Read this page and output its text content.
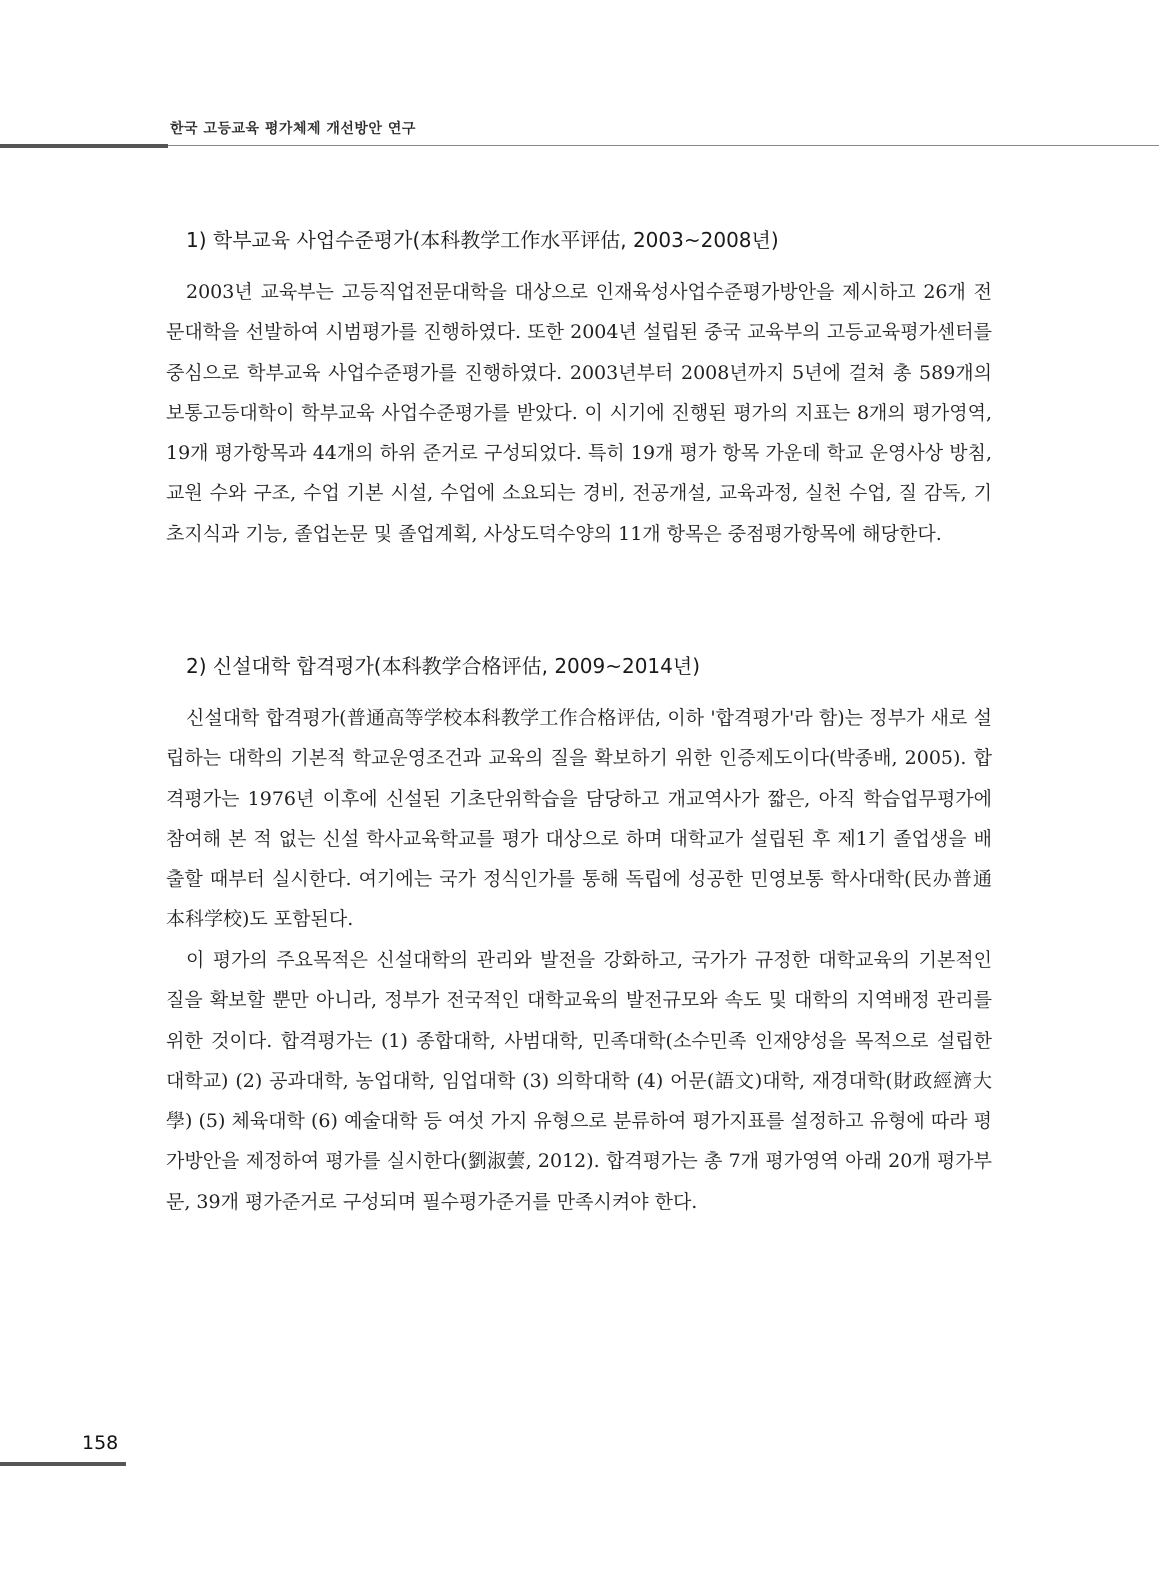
한국 고등교육 평가체제 개선방안 연구
1) 학부교육 사업수준평가(本科教学工作水平评估, 2003~2008년)

2003년 교육부는 고등직업전문대학을 대상으로 인재육성사업수준평가방안을 제시하고 26개 전문대학을 선발하여 시범평가를 진행하였다. 또한 2004년 설립된 중국 교육부의 고등교육평가센터를 중심으로 학부교육 사업수준평가를 진행하였다. 2003년부터 2008년까지 5년에 걸쳐 총 589개의 보통고등대학이 학부교육 사업수준평가를 받았다. 이 시기에 진행된 평가의 지표는 8개의 평가영역, 19개 평가항목과 44개의 하위 준거로 구성되었다. 특히 19개 평가 항목 가운데 학교 운영사상 방침, 교원 수와 구조, 수업 기본 시설, 수업에 소요되는 경비, 전공개설, 교육과정, 실천 수업, 질 감독, 기초지식과 기능, 졸업논문 및 졸업계획, 사상도덕수양의 11개 항목은 중점평가항목에 해당한다.

2) 신설대학 합격평가(本科教学合格评估, 2009~2014년)

신설대학 합격평가(普通高等学校本科教学工作合格评估, 이하 '합격평가'라 함)는 정부가 새로 설립하는 대학의 기본적 학교운영조건과 교육의 질을 확보하기 위한 인증제도이다(박종배, 2005). 합격평가는 1976년 이후에 신설된 기초단위학습을 담당하고 개교역사가 짧은, 아직 학습업무평가에 참여해 본 적 없는 신설 학사교육학교를 평가 대상으로 하며 대학교가 설립된 후 제1기 졸업생을 배출할 때부터 실시한다. 여기에는 국가 정식인가를 통해 독립에 성공한 민영보통 학사대학(民办普通本科学校)도 포함된다.

이 평가의 주요목적은 신설대학의 관리와 발전을 강화하고, 국가가 규정한 대학교육의 기본적인 질을 확보할 뿐만 아니라, 정부가 전국적인 대학교육의 발전규모와 속도 및 대학의 지역배정 관리를 위한 것이다. 합격평가는 (1) 종합대학, 사범대학, 민족대학(소수민족 인재양성을 목적으로 설립한 대학교) (2) 공과대학, 농업대학, 임업대학 (3) 의학대학 (4) 어문(語文)대학, 재경대학(財政經濟大學) (5) 체육대학 (6) 예술대학 등 여섯 가지 유형으로 분류하여 평가지표를 설정하고 유형에 따라 평가방안을 제정하여 평가를 실시한다(劉淑蕓, 2012). 합격평가는 총 7개 평가영역 아래 20개 평가부문, 39개 평가준거로 구성되며 필수평가준거를 만족시켜야 한다.

158
